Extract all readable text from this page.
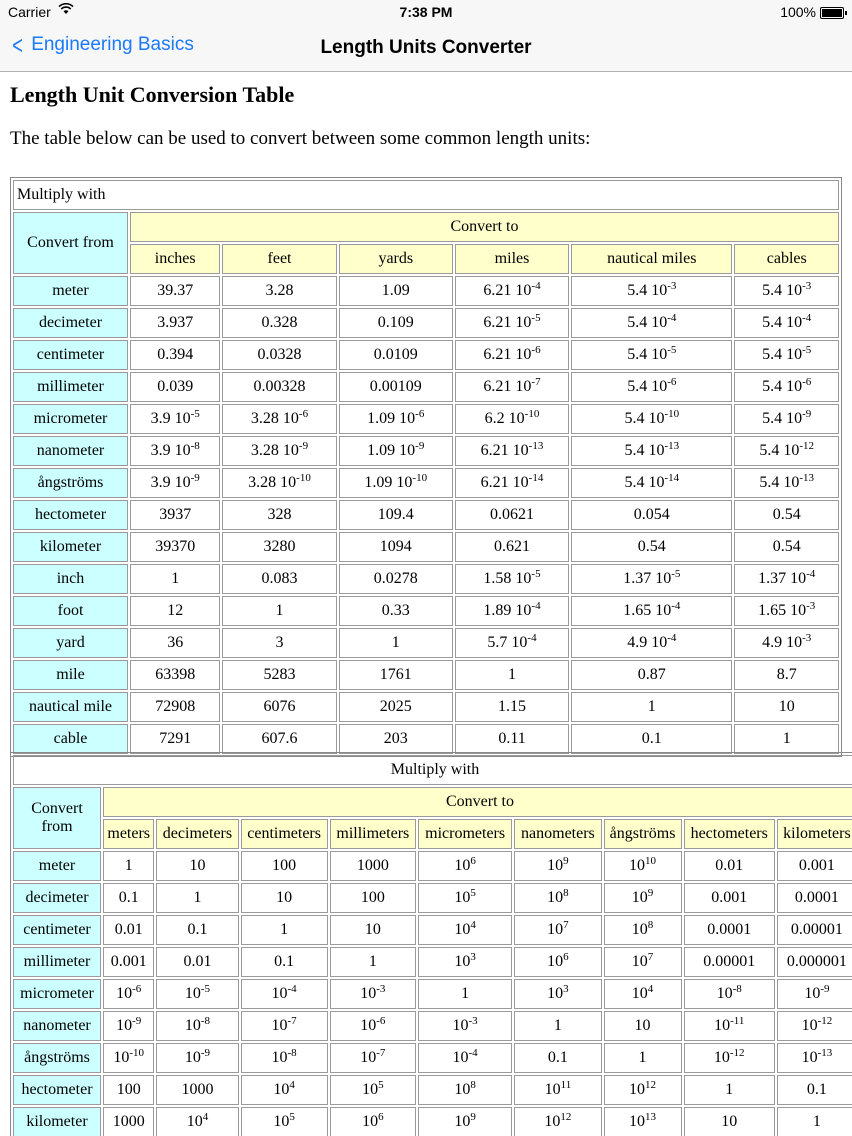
Carrier	7:38 PM	100%
< Engineering Basics	Length Units Converter
Length Unit Conversion Table

The table below can be used to convert between some common length units:

Multiply with						
Convert from	Convert to					
	inches	feet	yards	miles	nautical miles	cables
meter	39.37	3.28	1.09	6.21 $10^{-4}$	5.4 $10^{-3}$	5.4 $10^{-3}$
decimeter	3.937	0.328	0.109	6.21 $10^{-5}$	5.4 $10^{-4}$	5.4 $10^{-4}$
centimeter	0.394	0.0328	0.0109	6.21 $10^{-6}$	5.4 $10^{-5}$	5.4 $10^{-5}$
millimeter	0.039	0.00328	0.00109	6.21 $10^{-7}$	5.4 $10^{-6}$	5.4 $10^{-6}$
micrometer	3.9 $10^{-5}$	3.28 $10^{-6}$	1.09 $10^{-6}$	6.2 $10^{-10}$	5.4 $10^{-10}$	5.4 $10^{-9}$
nanometer	3.9 $10^{-8}$	3.28 $10^{-9}$	1.09 $10^{-9}$	6.21 $10^{-13}$	5.4 $10^{-13}$	5.4 $10^{-12}$
ångströms	3.9 $10^{-9}$	3.28 $10^{-10}$	1.09 $10^{-10}$	6.21 $10^{-14}$	5.4 $10^{-14}$	5.4 $10^{-13}$
hectometer	3937	328	109.4	0.0621	0.054	0.54
kilometer	39370	3280	1094	0.621	0.54	0.54
inch	1	0.083	0.0278	1.58 $10^{-5}$	1.37 $10^{-5}$	1.37 $10^{-4}$
foot	12	1	0.33	1.89 $10^{-4}$	1.65 $10^{-4}$	1.65 $10^{-3}$
yard	36	3	1	5.7 $10^{-4}$	4.9 $10^{-4}$	4.9 $10^{-3}$
mile	63398	5283	1761	1	0.87	8.7
nautical mile	72908	6076	2025	1.15	1	10
cable	7291	607.6	203	0.11	0.1	1
Multiply with									
Convert from	Convert to								
	meters	decimeters	centimeters	millimeters	micrometers	nanometers	ångströms	hectometers	kilometers
meter	1	10	100	1000	$10^6$	$10^9$	$10^{10}$	0.01	0.001
decimeter	0.1	1	10	100	$10^5$	$10^8$	$10^9$	0.001	0.0001
centimeter	0.01	0.1	1	10	$10^4$	$10^7$	$10^8$	0.0001	0.00001
millimeter	0.001	0.01	0.1	1	$10^3$	$10^6$	$10^7$	0.00001	0.000001
micrometer	$10^{-6}$	$10^{-5}$	$10^{-4}$	$10^{-3}$	1	$10^3$	$10^4$	$10^{-8}$	$10^{-9}$
nanometer	$10^{-9}$	$10^{-8}$	$10^{-7}$	$10^{-6}$	$10^{-3}$	1	10	$10^{-11}$	$10^{-12}$
ångströms	$10^{-10}$	$10^{-9}$	$10^{-8}$	$10^{-7}$	$10^{-4}$	0.1	1	$10^{-12}$	$10^{-13}$
hectometer	100	1000	$10^4$	$10^5$	$10^8$	$10^{11}$	$10^{12}$	1	0.1
kilometer	1000	$10^4$	$10^5$	$10^6$	$10^9$	$10^{12}$	$10^{13}$	10	1
